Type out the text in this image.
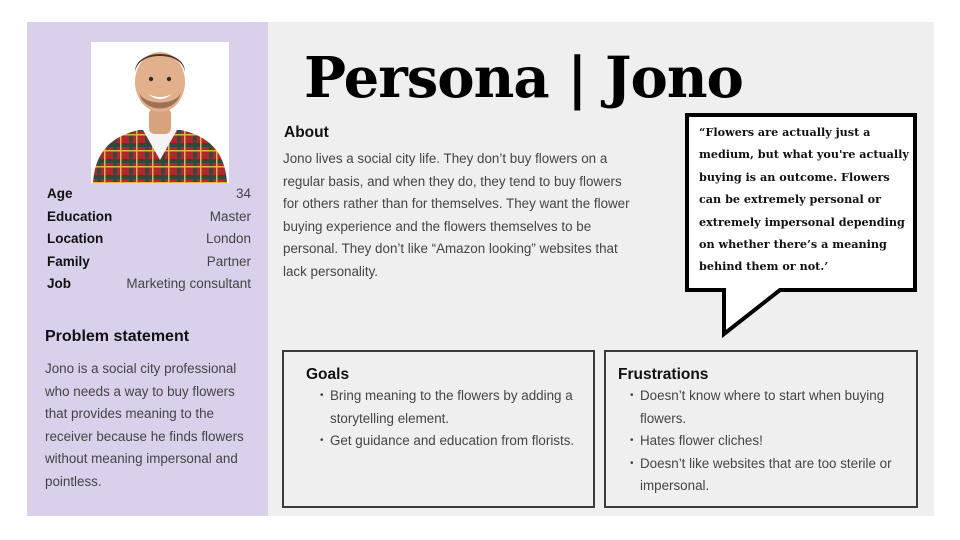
Age	34
Education	Master
Location	London
Family	Partner
Job	Marketing consultant
Problem statement
Jono is a social city professional who needs a way to buy flowers that provides meaning to the receiver because he finds flowers without meaning impersonal and pointless.
Persona | Jono
About
Jono lives a social city life. They don’t buy flowers on a regular basis, and when they do, they tend to buy flowers for others rather than for themselves. They want the flower buying experience and the flowers themselves to be personal. They don’t like “Amazon looking” websites that lack personality.
“Flowers are actually just a medium, but what you're actually buying is an outcome. Flowers can be extremely personal or extremely impersonal depending on whether there’s a meaning behind them or not.’
Goals
• Bring meaning to the flowers by adding a storytelling element.
• Get guidance and education from florists.
Frustrations
• Doesn’t know where to start when buying flowers.
• Hates flower cliches!
• Doesn’t like websites that are too sterile or impersonal.
